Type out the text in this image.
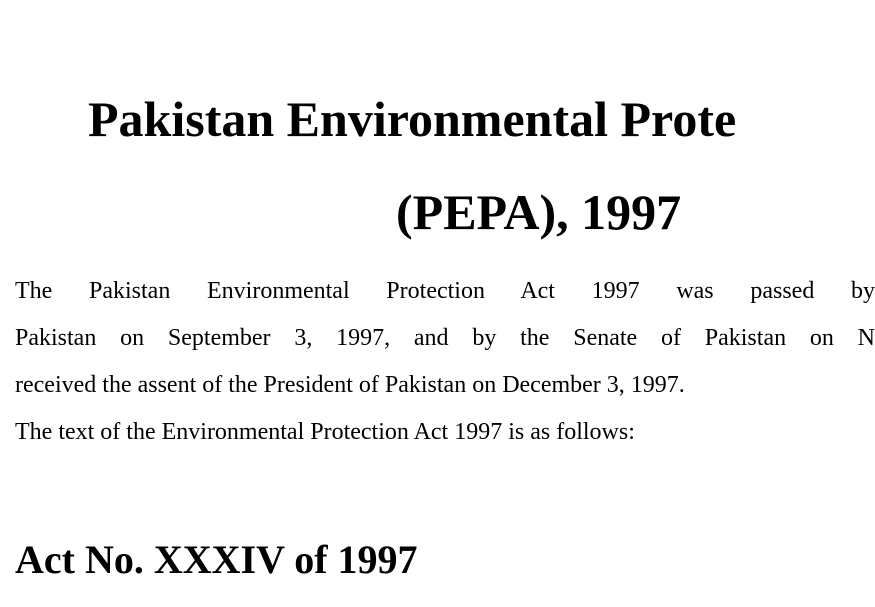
Pakistan Environmental Prote
(PEPA), 1997

The Pakistan Environmental Protection Act 1997 was passed by

Pakistan on September 3, 1997, and by the Senate of Pakistan on N

received the assent of the President of Pakistan on December 3, 1997.

The text of the Environmental Protection Act 1997 is as follows:

Act No. XXXIV of 1997
